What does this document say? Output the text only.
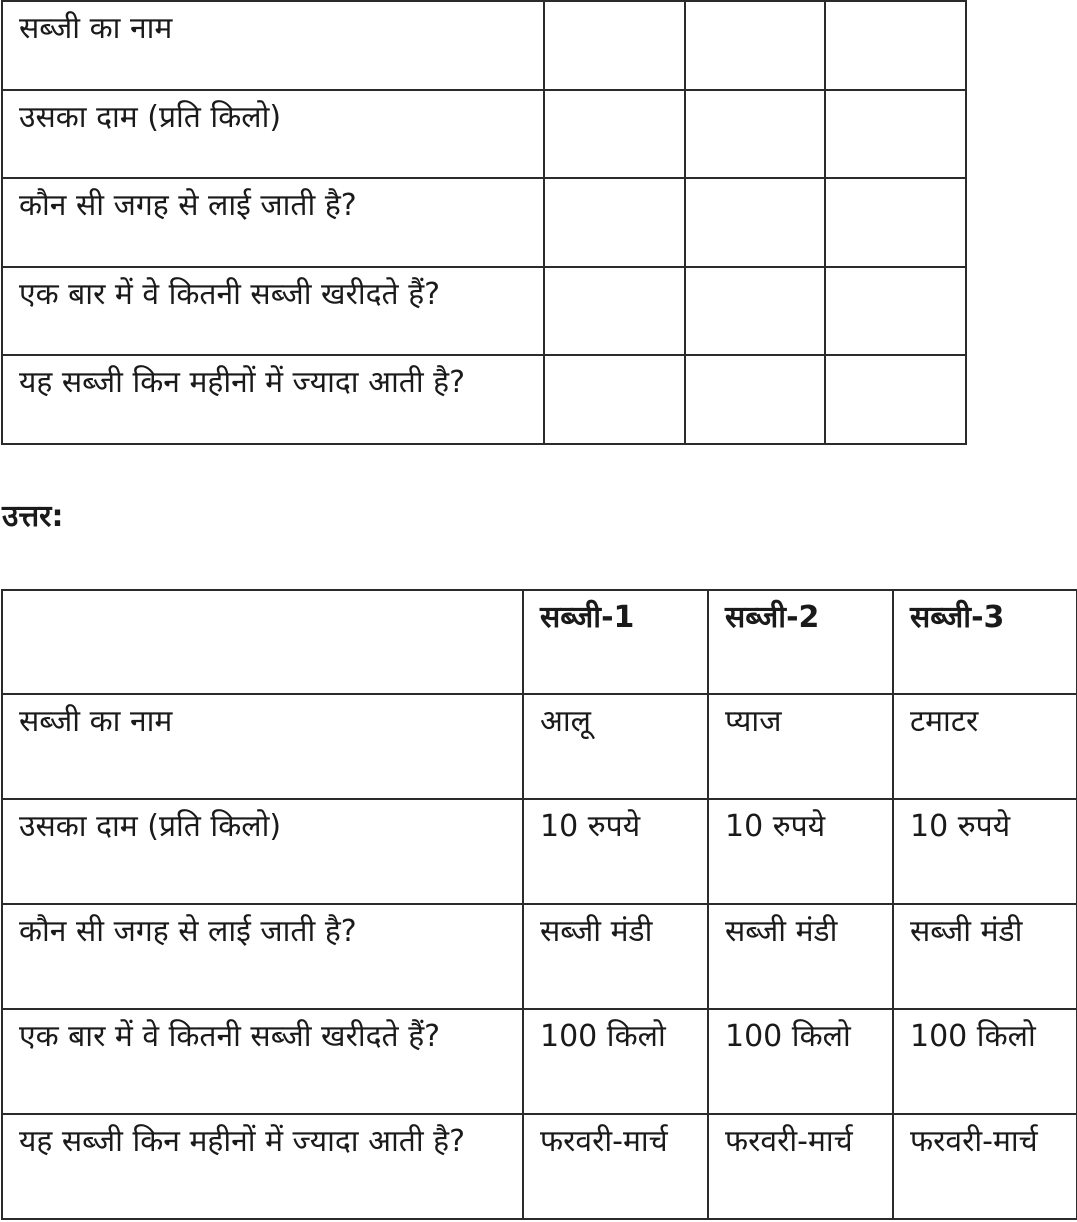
सब्जी का नाम			
उसका दाम (प्रति किलो)			
कौन सी जगह से लाई जाती है?			
एक बार में वे कितनी सब्जी खरीदते हैं?			
यह सब्जी किन महीनों में ज्यादा आती है?			

उत्तर:

	सब्जी-1	सब्जी-2	सब्जी-3
सब्जी का नाम	आलू	प्याज	टमाटर
उसका दाम (प्रति किलो)	10 रुपये	10 रुपये	10 रुपये
कौन सी जगह से लाई जाती है?	सब्जी मंडी	सब्जी मंडी	सब्जी मंडी
एक बार में वे कितनी सब्जी खरीदते हैं?	100 किलो	100 किलो	100 किलो
यह सब्जी किन महीनों में ज्यादा आती है?	फरवरी-मार्च	फरवरी-मार्च	फरवरी-मार्च
